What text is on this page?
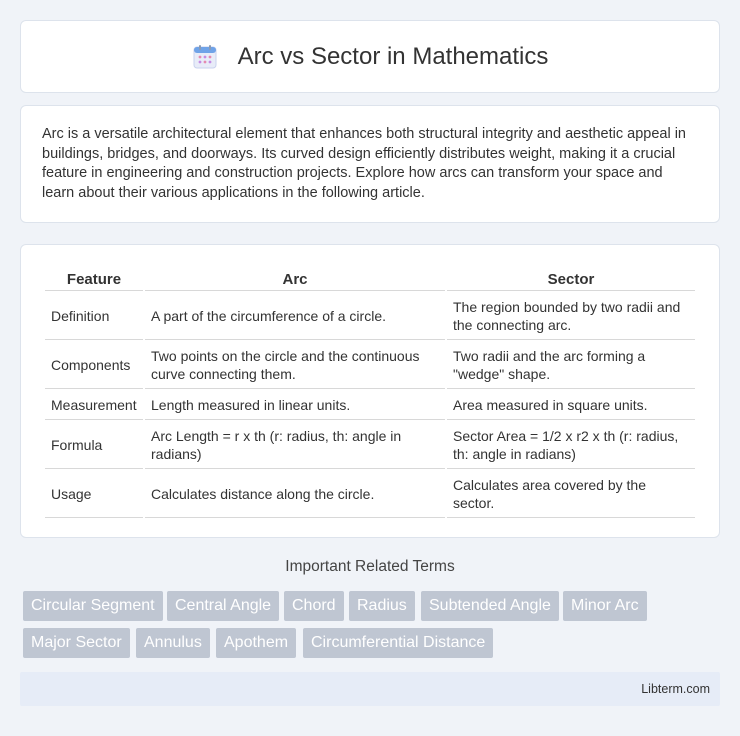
Arc vs Sector in Mathematics

Arc is a versatile architectural element that enhances both structural integrity and aesthetic appeal in buildings, bridges, and doorways. Its curved design efficiently distributes weight, making it a crucial feature in engineering and construction projects. Explore how arcs can transform your space and learn about their various applications in the following article.

Feature	Arc	Sector
Definition	A part of the circumference of a circle.	The region bounded by two radii and the connecting arc.
Components	Two points on the circle and the continuous curve connecting them.	Two radii and the arc forming a "wedge" shape.
Measurement	Length measured in linear units.	Area measured in square units.
Formula	Arc Length = r x th (r: radius, th: angle in radians)	Sector Area = 1/2 x r2 x th (r: radius, th: angle in radians)
Usage	Calculates distance along the circle.	Calculates area covered by the sector.
Important Related Terms
Circular Segment	Central Angle	Chord	Radius	Subtended Angle	Minor Arc
Major Sector	Annulus	Apothem	Circumferential Distance
Libterm.com
